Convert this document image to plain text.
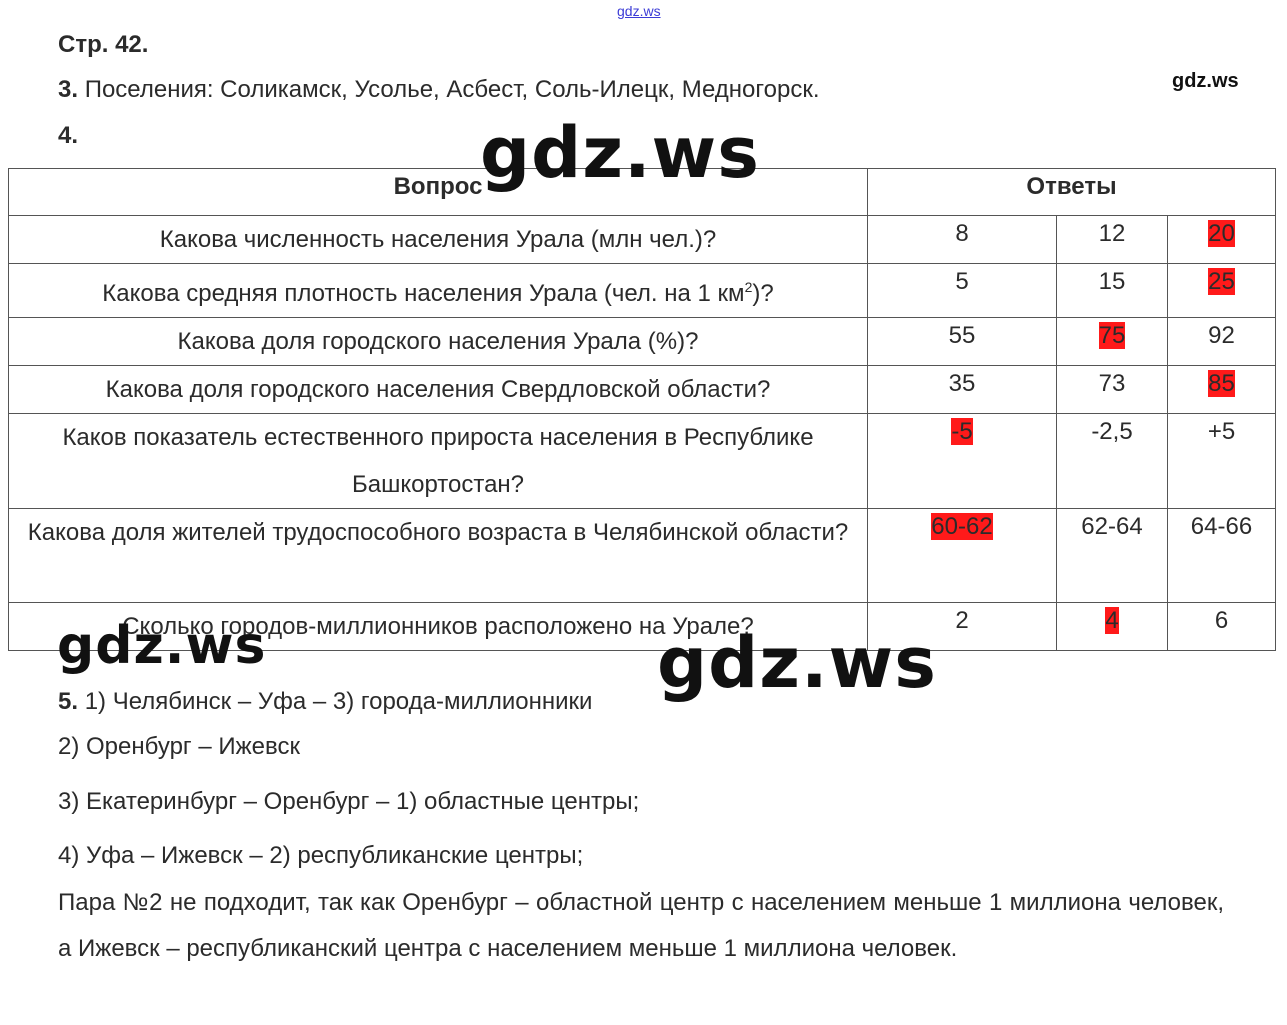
gdz.ws
Стр. 42.
3. Поселения: Соликамск, Усолье, Асбест, Соль-Илецк, Медногорск.	gdz.ws
4.
Вопрос	Ответы		
Какова численность населения Урала (млн чел.)?	8	12	20
Какова средняя плотность населения Урала (чел. на 1 $км^2$)?	5	15	25
Какова доля городского населения Урала (%)?	55	75	92
Какова доля городского населения Свердловской области?	35	73	85
Каков показатель естественного прироста населения в Республике Башкортостан?	-5	-2,5	+5
Какова доля жителей трудоспособного возраста в Челябинской области?	60-62	62-64	64-66
Сколько городов-миллионников расположено на Урале?	2	4	6
gdz.ws
gdz.ws
5. 1) Челябинск – Уфа – 3) города-миллионники gdz.ws
2) Оренбург – Ижевск
3) Екатеринбург – Оренбург – 1) областные центры;
4) Уфа – Ижевск – 2) республиканские центры;
Пара №2 не подходит, так как Оренбург – областной центр с населением меньше 1 миллиона человек, а Ижевск – республиканский центра с населением меньше 1 миллиона человек.
